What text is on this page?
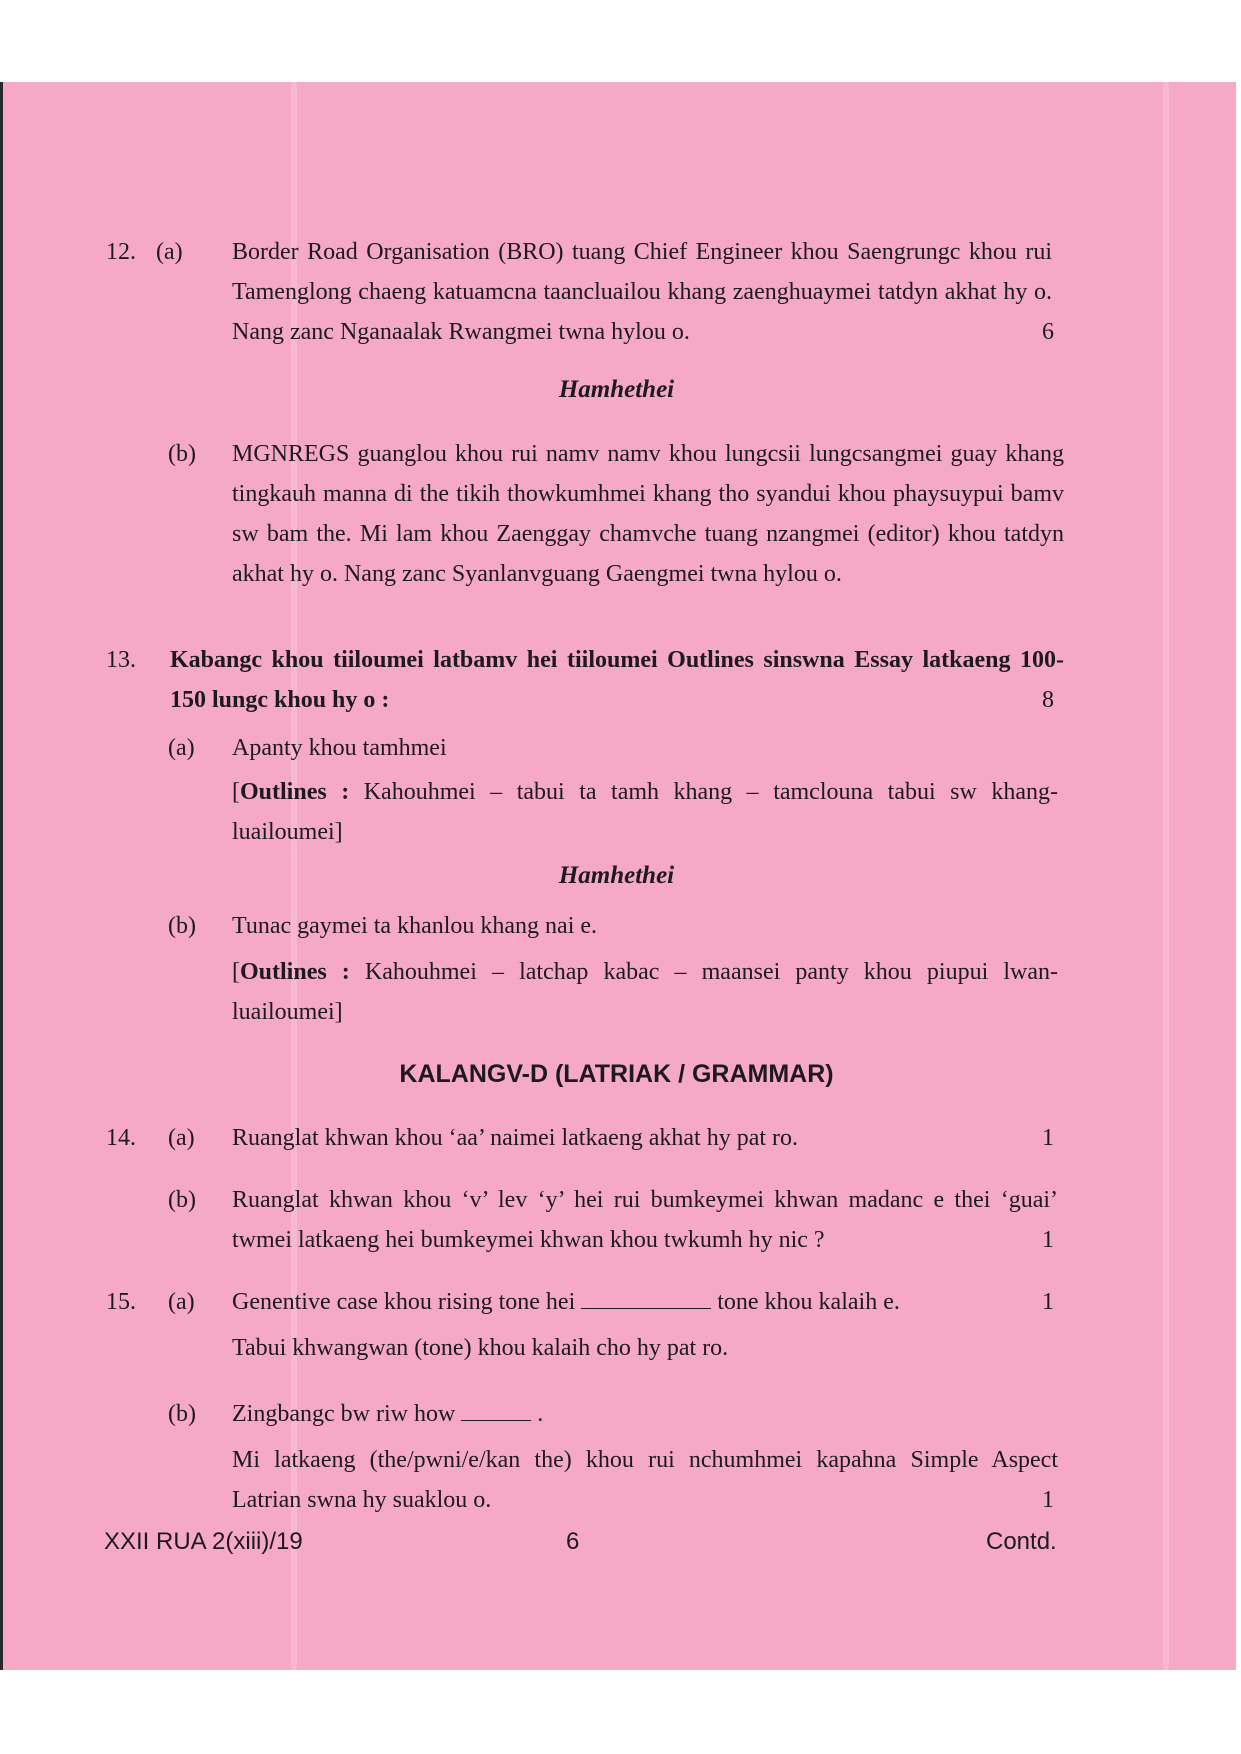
12. (a) Border Road Organisation (BRO) tuang Chief Engineer khou Saengrungc khou rui Tamenglong chaeng katuamcna taancluailou khang zaenghuaymei tatdyn akhat hy o. Nang zanc Nganaalak Rwangmei twna hylou o.	6
Hamhethei
(b) MGNREGS guanglou khou rui namv namv khou lungcsii lungcsangmei guay khang tingkauh manna di the tikih thowkumhmei khang tho syandui khou phaysuypui bamv sw bam the. Mi lam khou Zaenggay chamvche tuang nzangmei (editor) khou tatdyn akhat hy o. Nang zanc Syanlanvguang Gaengmei twna hylou o.
13. Kabangc khou tiiloumei latbamv hei tiiloumei Outlines sinswna Essay latkaeng 100-150 lungc khou hy o :	8
(a) Apanty khou tamhmei
[Outlines : Kahouhmei – tabui ta tamh khang – tamclouna tabui sw khang-luailoumei]
Hamhethei
(b) Tunac gaymei ta khanlou khang nai e.
[Outlines : Kahouhmei – latchap kabac – maansei panty khou piupui lwan-luailoumei]
KALANGV-D (LATRIAK / GRAMMAR)
14. (a) Ruanglat khwan khou ‘aa’ naimei latkaeng akhat hy pat ro.	1
(b) Ruanglat khwan khou ‘v’ lev ‘y’ hei rui bumkeymei khwan madanc e thei ‘guai’ twmei latkaeng hei bumkeymei khwan khou twkumh hy nic ?	1
15. (a) Genentive case khou rising tone hei	tone khou kalaih e.	1
Tabui khwangwan (tone) khou kalaih cho hy pat ro.
(b) Zingbangc bw riw how	.
Mi latkaeng (the/pwni/e/kan the) khou rui nchumhmei kapahna Simple Aspect Latrian swna hy suaklou o.	1
XXII RUA 2(xiii)/19	6	Contd.
